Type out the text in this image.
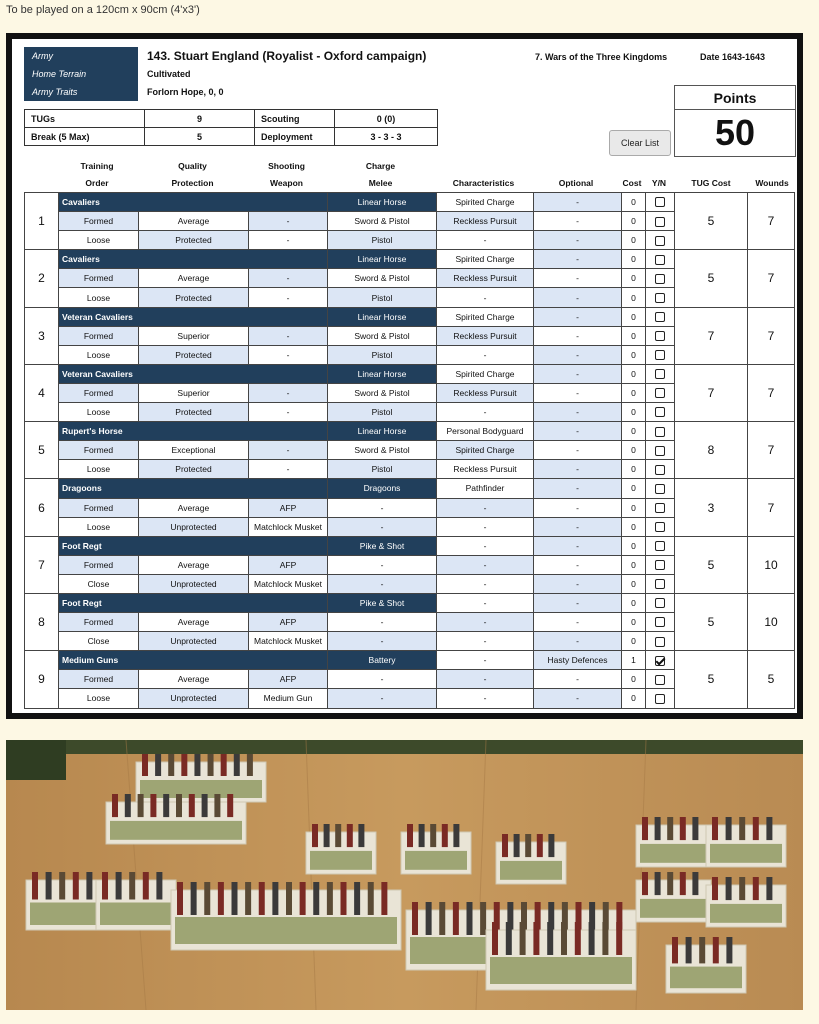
To be played on a 120cm x 90cm (4'x3')
Army
Home Terrain
Army Traits
143. Stuart England (Royalist - Oxford campaign)
Cultivated
Forlorn Hope, 0, 0
7. Wars of the Three Kingdoms	Date 1643-1643
TUGs	9	Scouting	0 (0)
Break (5 Max)	5	Deployment	3 - 3 - 3
Clear List
Points
50
Training
Order
Quality
Protection
Shooting
Weapon
Charge
Melee	Characteristics	Optional	Cost	Y/N	TUG Cost	Wounds
1	Cavaliers			Linear Horse	Spirited Charge	-	0		5	7
	Formed	Average	-	Sword & Pistol	Reckless Pursuit	-	0			
	Loose	Protected	-	Pistol	-	-	0			
2	Cavaliers			Linear Horse	Spirited Charge	-	0		5	7
	Formed	Average	-	Sword & Pistol	Reckless Pursuit	-	0			
	Loose	Protected	-	Pistol	-	-	0			
3	Veteran Cavaliers			Linear Horse	Spirited Charge	-	0		7	7
	Formed	Superior	-	Sword & Pistol	Reckless Pursuit	-	0			
	Loose	Protected	-	Pistol	-	-	0			
4	Veteran Cavaliers			Linear Horse	Spirited Charge	-	0		7	7
	Formed	Superior	-	Sword & Pistol	Reckless Pursuit	-	0			
	Loose	Protected	-	Pistol	-	-	0			
5	Rupert's Horse			Linear Horse	Personal Bodyguard	-	0		8	7
	Formed	Exceptional	-	Sword & Pistol	Spirited Charge	-	0			
	Loose	Protected	-	Pistol	Reckless Pursuit	-	0			
6	Dragoons			Dragoons	Pathfinder	-	0		3	7
	Formed	Average	AFP	-	-	-	0			
	Loose	Unprotected	Matchlock Musket	-	-	-	0			
7	Foot Regt			Pike & Shot	-	-	0		5	10
	Formed	Average	AFP	-	-	-	0			
	Close	Unprotected	Matchlock Musket	-	-	-	0			
8	Foot Regt			Pike & Shot	-	-	0		5	10
	Formed	Average	AFP	-	-	-	0			
	Close	Unprotected	Matchlock Musket	-	-	-	0			
9	Medium Guns			Battery	-	Hasty Defences	1		5	5
	Formed	Average	AFP	-	-	-	0			
	Loose	Unprotected	Medium Gun	-	-	-	0			
